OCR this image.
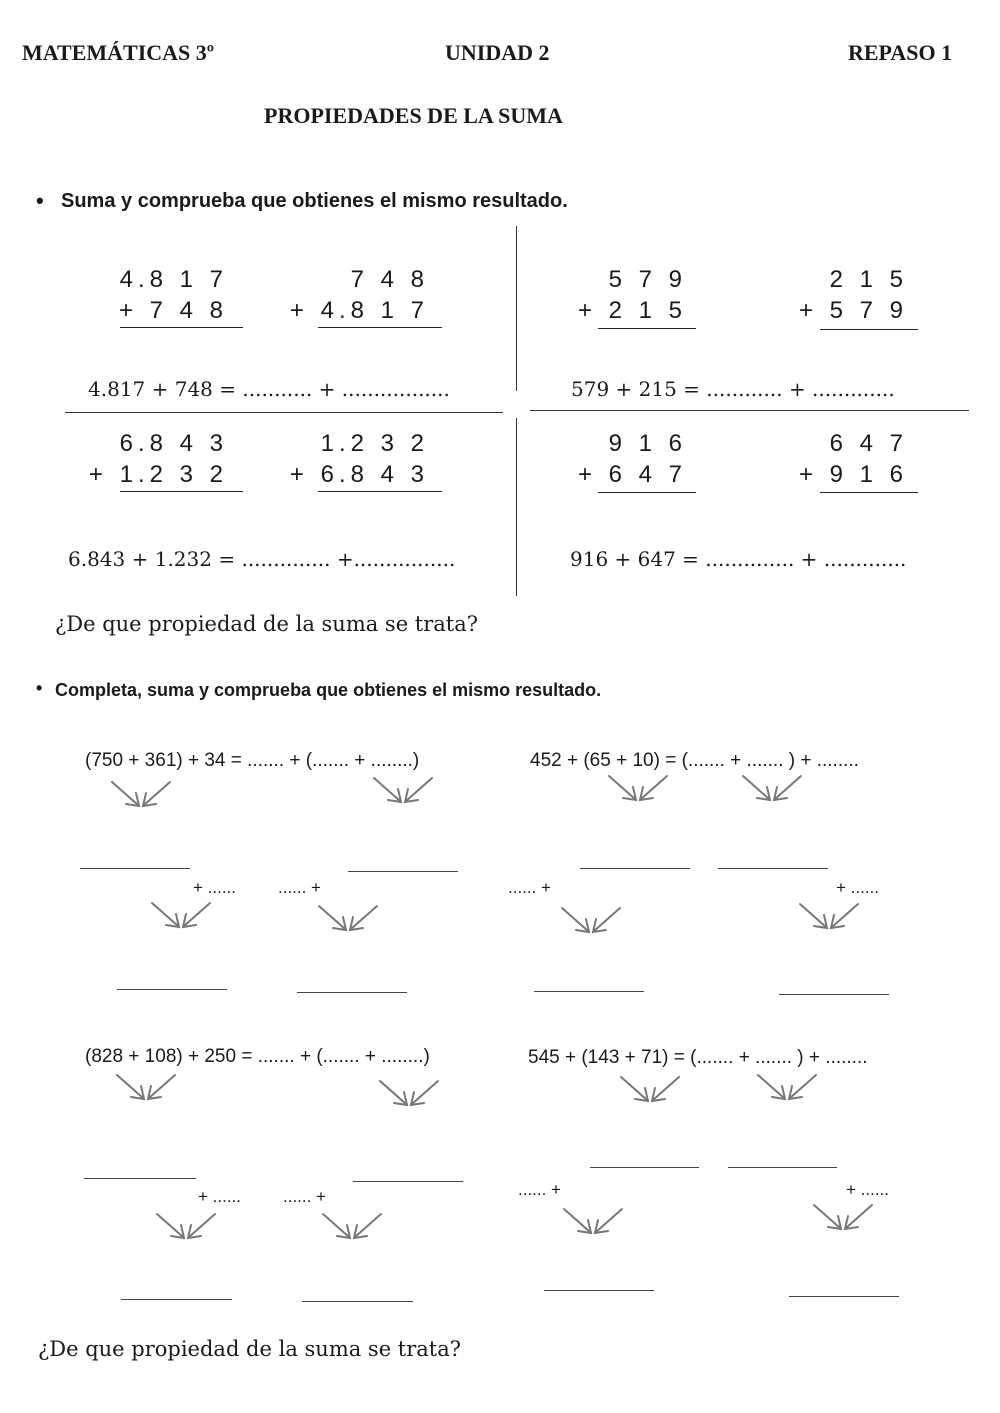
MATEMÁTICAS 3º	UNIDAD 2	REPASO 1
PROPIEDADES DE LA SUMA
• Suma y comprueba que obtienes el mismo resultado.
4.8 1 7
+ 7 4 8
7 4 8
+ 4.8 1 7
4.817 + 748 = ........... + .................
5 7 9
+ 2 1 5
2 1 5
+ 5 7 9
579 + 215 = ............ + .............
6.8 4 3
+ 1.2 3 2
1.2 3 2
+ 6.8 4 3
6.843 + 1.232 = .............. +................
9 1 6
+ 6 4 7
6 4 7
+ 9 1 6
916 + 647 = .............. + .............
¿De que propiedad de la suma se trata?
• Completa, suma y comprueba que obtienes el mismo resultado.
(750 + 361) + 34 = ....... + (....... + ........)
+ ...... ...... +
452 + (65 + 10) = (....... + ....... ) + ........
...... +	+ ......
(828 + 108) + 250 = ....... + (....... + ........)
+ ...... ...... +
545 + (143 + 71) = (....... + ....... ) + ........
...... +	+ ......
¿De que propiedad de la suma se trata?
